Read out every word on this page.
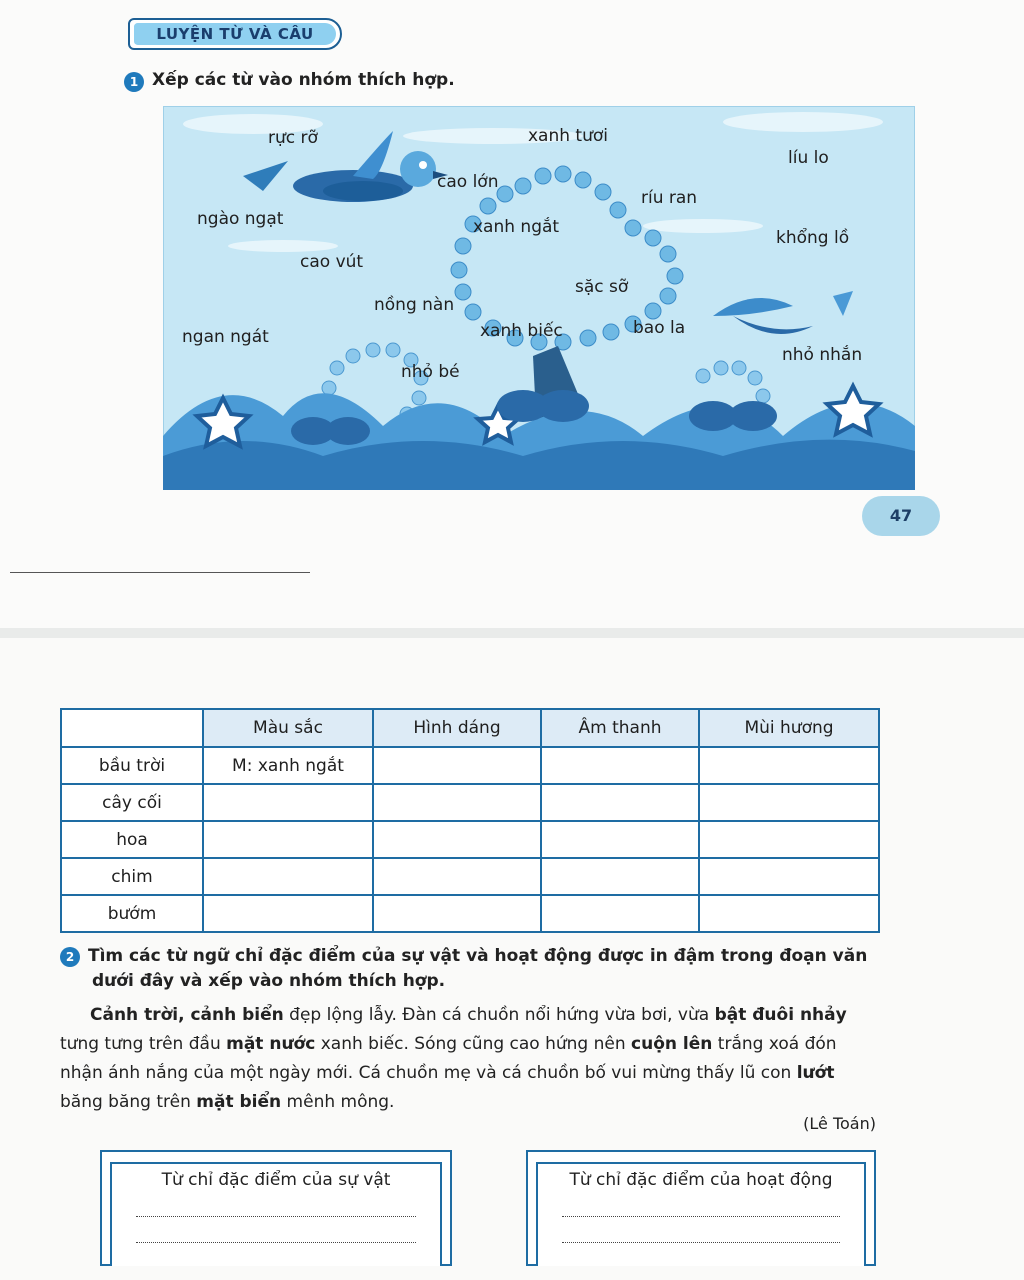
LUYỆN TỪ VÀ CÂU
1 Xếp các từ vào nhóm thích hợp.
rực rỡ	xanh tươi
líu lo
cao lớn
ríu ran
ngào ngạt	xanh ngắt
khổng lồ
cao vút
sặc sỡ
nồng nàn
ngan ngát	xanh biếc	bao la
nhỏ nhắn
nhỏ bé
47
	Màu sắc	Hình dáng	Âm thanh	Mùi hương
bầu trời	M: xanh ngắt			
cây cối				
hoa				
chim				
bướm				
2 Tìm các từ ngữ chỉ đặc điểm của sự vật và hoạt động được in đậm trong đoạn văn
dưới đây và xếp vào nhóm thích hợp.
Cảnh trời, cảnh biển đẹp lộng lẫy. Đàn cá chuồn nổi hứng vừa bơi, vừa bật đuôi nhảy tưng tưng trên đầu mặt nước xanh biếc. Sóng cũng cao hứng nên cuộn lên trắng xoá đón nhận ánh nắng của một ngày mới. Cá chuồn mẹ và cá chuồn bố vui mừng thấy lũ con lướt băng băng trên mặt biển mênh mông.
(Lê Toán)
Từ chỉ đặc điểm của sự vật	Từ chỉ đặc điểm của hoạt động
